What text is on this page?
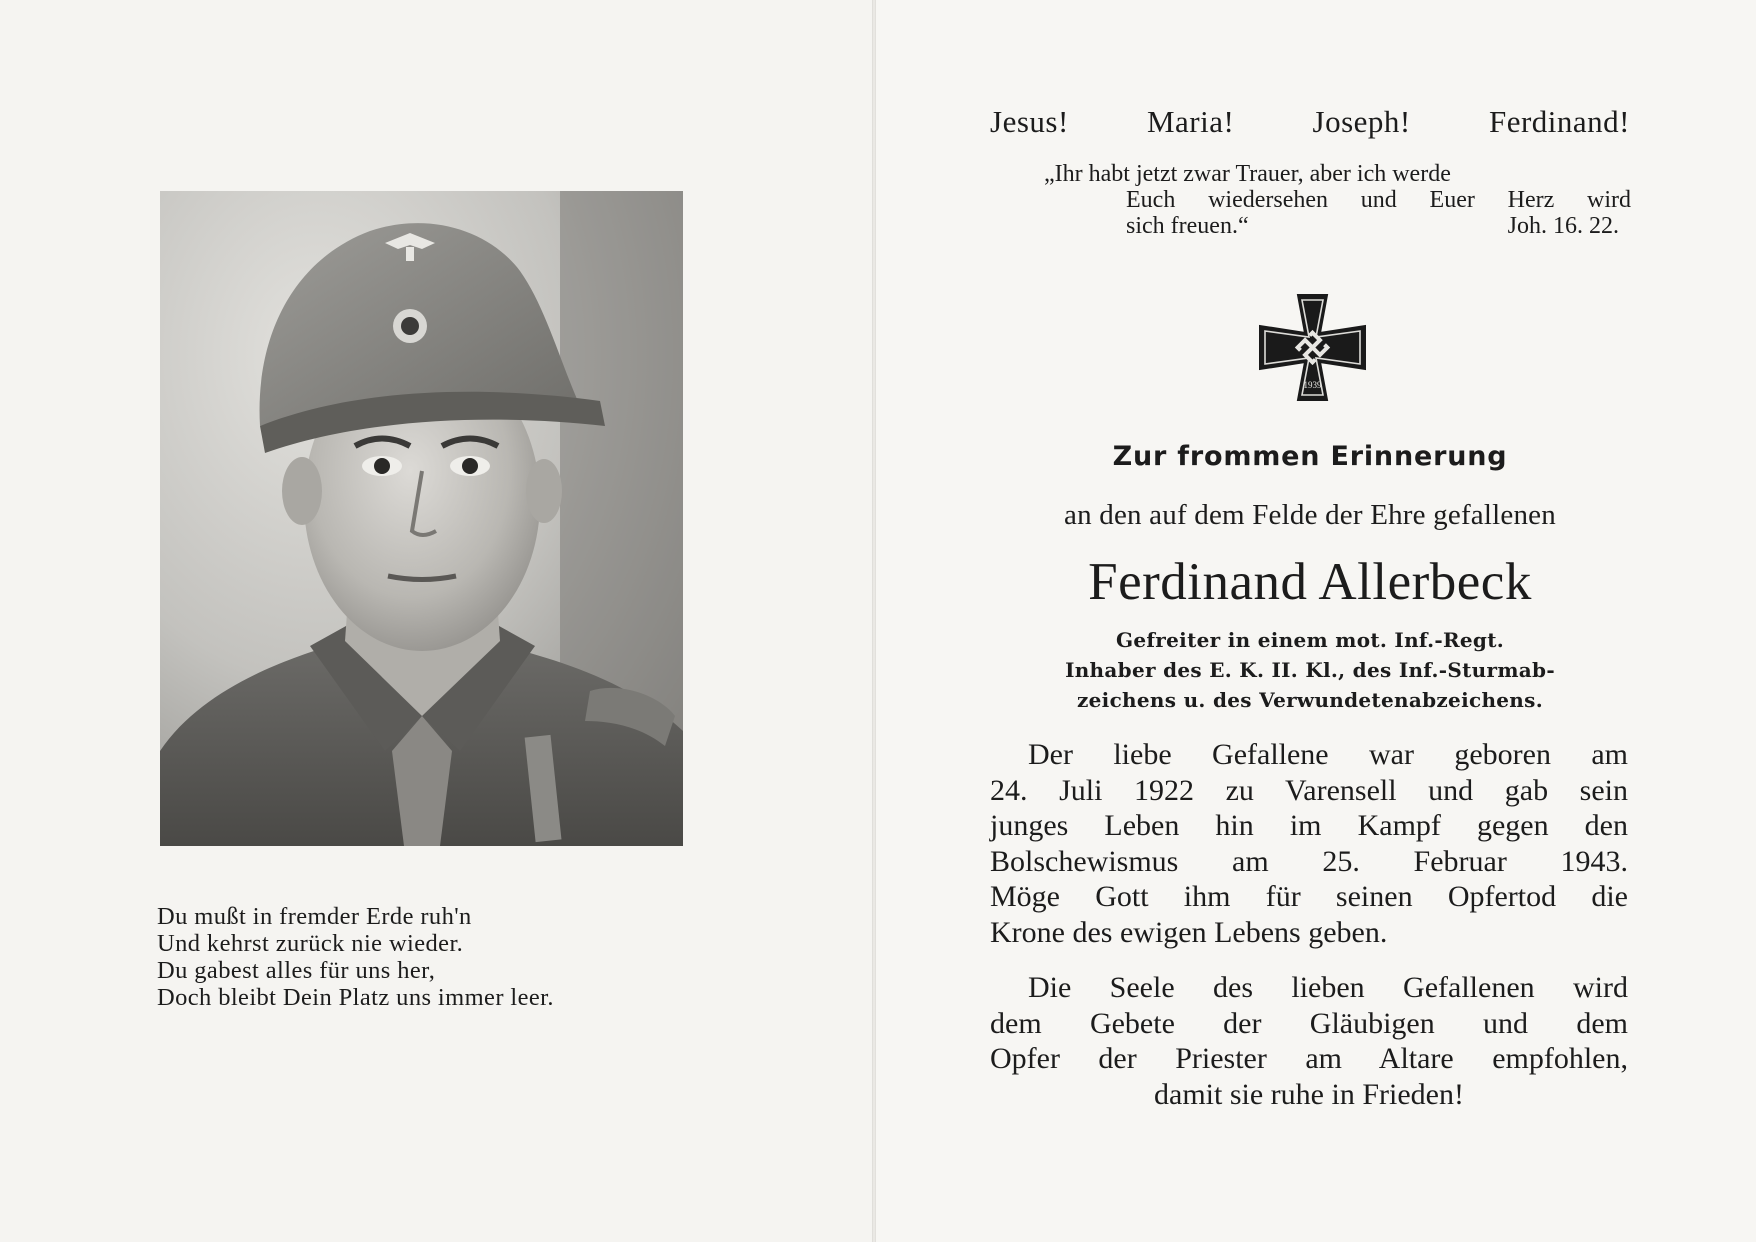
Du mußt in fremder Erde ruh'n
Und kehrst zurück nie wieder.
Du gabest alles für uns her,
Doch bleibt Dein Platz uns immer leer.
Jesus!	Maria!	Joseph!	Ferdinand!
„Ihr habt jetzt zwar Trauer, aber ich werde
Euch wiedersehen und Euer Herz wird
sich freuen.“	Joh. 16. 22.
1939
Zur frommen Erinnerung
an den auf dem Felde der Ehre gefallenen
Ferdinand Allerbeck
Gefreiter in einem mot. Inf.-Regt.
Inhaber des E. K. II. Kl., des Inf.-Sturmab-
zeichens u. des Verwundetenabzeichens.
Der liebe Gefallene war geboren am
24. Juli 1922 zu Varensell und gab sein
junges Leben hin im Kampf gegen den
Bolschewismus am 25. Februar 1943.
Möge Gott ihm für seinen Opfertod die
Krone des ewigen Lebens geben.
Die Seele des lieben Gefallenen wird
dem Gebete der Gläubigen und dem
Opfer der Priester am Altare empfohlen,
damit sie ruhe in Frieden!
